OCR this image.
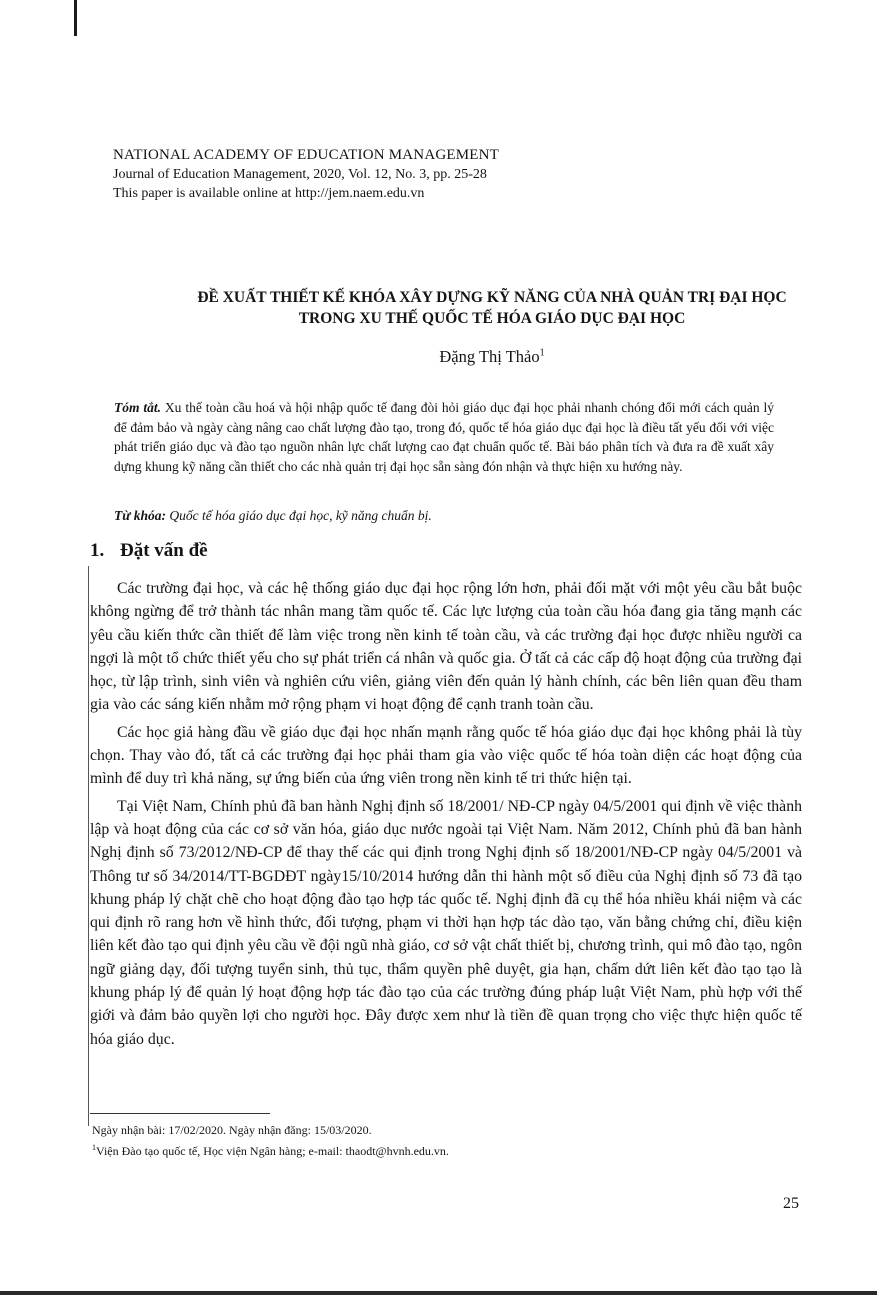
NATIONAL ACADEMY OF EDUCATION MANAGEMENT
Journal of Education Management, 2020, Vol. 12, No. 3, pp. 25-28
This paper is available online at http://jem.naem.edu.vn
ĐỀ XUẤT THIẾT KẾ KHÓA XÂY DỰNG KỸ NĂNG CỦA NHÀ QUẢN TRỊ ĐẠI HỌC
TRONG XU THẾ QUỐC TẾ HÓA GIÁO DỤC ĐẠI HỌC
Đặng Thị Thảo$^1$
Tóm tắt. Xu thế toàn cầu hoá và hội nhập quốc tế đang đòi hỏi giáo dục đại học phải nhanh chóng đổi mới cách quản lý để đảm bảo và ngày càng nâng cao chất lượng đào tạo, trong đó, quốc tế hóa giáo dục đại học là điều tất yếu đối với việc phát triển giáo dục và đào tạo nguồn nhân lực chất lượng cao đạt chuẩn quốc tế. Bài báo phân tích và đưa ra đề xuất xây dựng khung kỹ năng cần thiết cho các nhà quản trị đại học sẵn sàng đón nhận và thực hiện xu hướng này.
Từ khóa: Quốc tế hóa giáo dục đại học, kỹ năng chuẩn bị.
1. Đặt vấn đề

Các trường đại học, và các hệ thống giáo dục đại học rộng lớn hơn, phải đối mặt với một yêu cầu bắt buộc không ngừng để trở thành tác nhân mang tầm quốc tế. Các lực lượng của toàn cầu hóa đang gia tăng mạnh các yêu cầu kiến thức cần thiết để làm việc trong nền kinh tế toàn cầu, và các trường đại học được nhiều người ca ngợi là một tổ chức thiết yếu cho sự phát triển cá nhân và quốc gia. Ở tất cả các cấp độ hoạt động của trường đại học, từ lập trình, sinh viên và nghiên cứu viên, giảng viên đến quản lý hành chính, các bên liên quan đều tham gia vào các sáng kiến nhằm mở rộng phạm vi hoạt động để cạnh tranh toàn cầu.

Các học giả hàng đầu về giáo dục đại học nhấn mạnh rằng quốc tế hóa giáo dục đại học không phải là tùy chọn. Thay vào đó, tất cả các trường đại học phải tham gia vào việc quốc tế hóa toàn diện các hoạt động của mình để duy trì khả năng, sự ứng biến của ứng viên trong nền kinh tế tri thức hiện tại.

Tại Việt Nam, Chính phủ đã ban hành Nghị định số 18/2001/ NĐ-CP ngày 04/5/2001 qui định về việc thành lập và hoạt động của các cơ sở văn hóa, giáo dục nước ngoài tại Việt Nam. Năm 2012, Chính phủ đã ban hành Nghị định số 73/2012/NĐ-CP để thay thế các qui định trong Nghị định số 18/2001/NĐ-CP ngày 04/5/2001 và Thông tư số 34/2014/TT-BGDĐT ngày15/10/2014 hướng dẫn thi hành một số điều của Nghị định số 73 đã tạo khung pháp lý chặt chẽ cho hoạt động đào tạo hợp tác quốc tế. Nghị định đã cụ thể hóa nhiều khái niệm và các qui định rõ rang hơn về hình thức, đối tượng, phạm vi thời hạn hợp tác dào tạo, văn bằng chứng chỉ, điều kiện liên kết đào tạo qui định yêu cầu về đội ngũ nhà giáo, cơ sở vật chất thiết bị, chương trình, qui mô đào tạo, ngôn ngữ giảng dạy, đối tượng tuyển sinh, thủ tục, thẩm quyền phê duyệt, gia hạn, chấm dứt liên kết đào tạo tạo là khung pháp lý để quản lý hoạt động hợp tác đào tạo của các trường đúng pháp luật Việt Nam, phù hợp với thế giới và đảm bảo quyền lợi cho người học. Đây được xem như là tiền đề quan trọng cho việc thực hiện quốc tế hóa giáo dục.

Ngày nhận bài: 17/02/2020. Ngày nhận đăng: 15/03/2020.
$^1$Viện Đào tạo quốc tế, Học viện Ngân hàng; e-mail: thaodt@hvnh.edu.vn.
25
